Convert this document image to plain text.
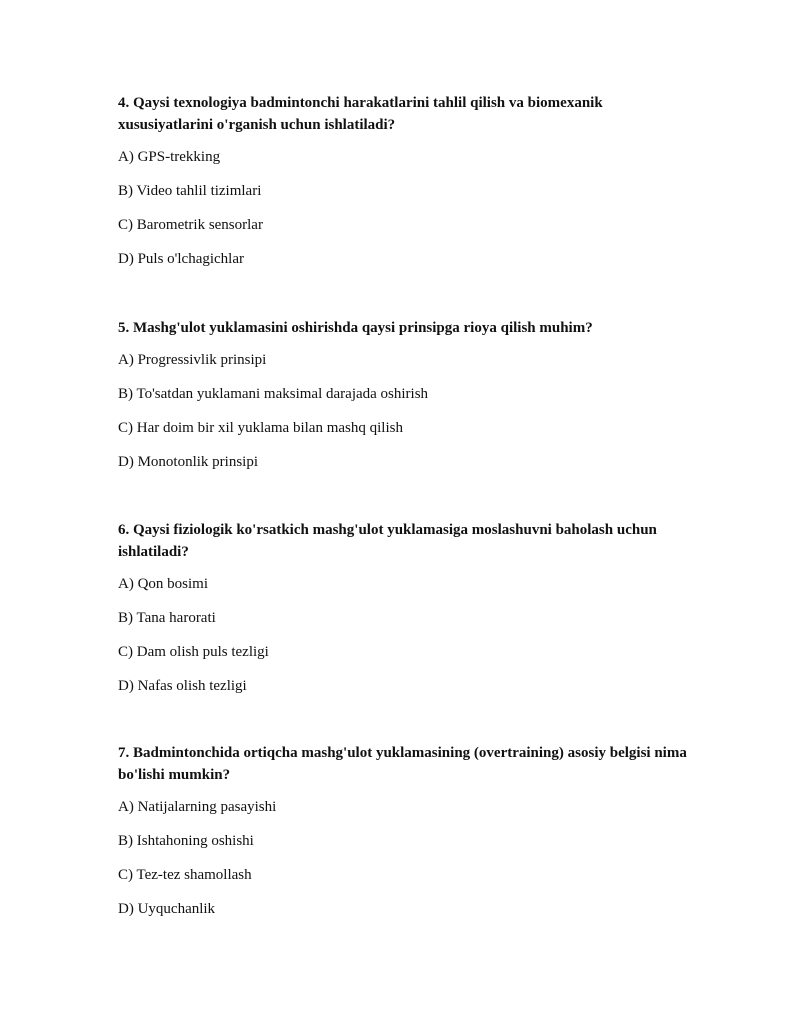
4. Qaysi texnologiya badmintonchi harakatlarini tahlil qilish va biomexanik xususiyatlarini o'rganish uchun ishlatiladi?

A) GPS-trekking

B) Video tahlil tizimlari

C) Barometrik sensorlar

D) Puls o'lchagichlar

5. Mashg'ulot yuklamasini oshirishda qaysi prinsipga rioya qilish muhim?

A) Progressivlik prinsipi

B) To'satdan yuklamani maksimal darajada oshirish

C) Har doim bir xil yuklama bilan mashq qilish

D) Monotonlik prinsipi

6. Qaysi fiziologik ko'rsatkich mashg'ulot yuklamasiga moslashuvni baholash uchun ishlatiladi?

A) Qon bosimi

B) Tana harorati

C) Dam olish puls tezligi

D) Nafas olish tezligi

7. Badmintonchida ortiqcha mashg'ulot yuklamasining (overtraining) asosiy belgisi nima bo'lishi mumkin?

A) Natijalarning pasayishi

B) Ishtahoning oshishi

C) Tez-tez shamollash

D) Uyquchanlik
